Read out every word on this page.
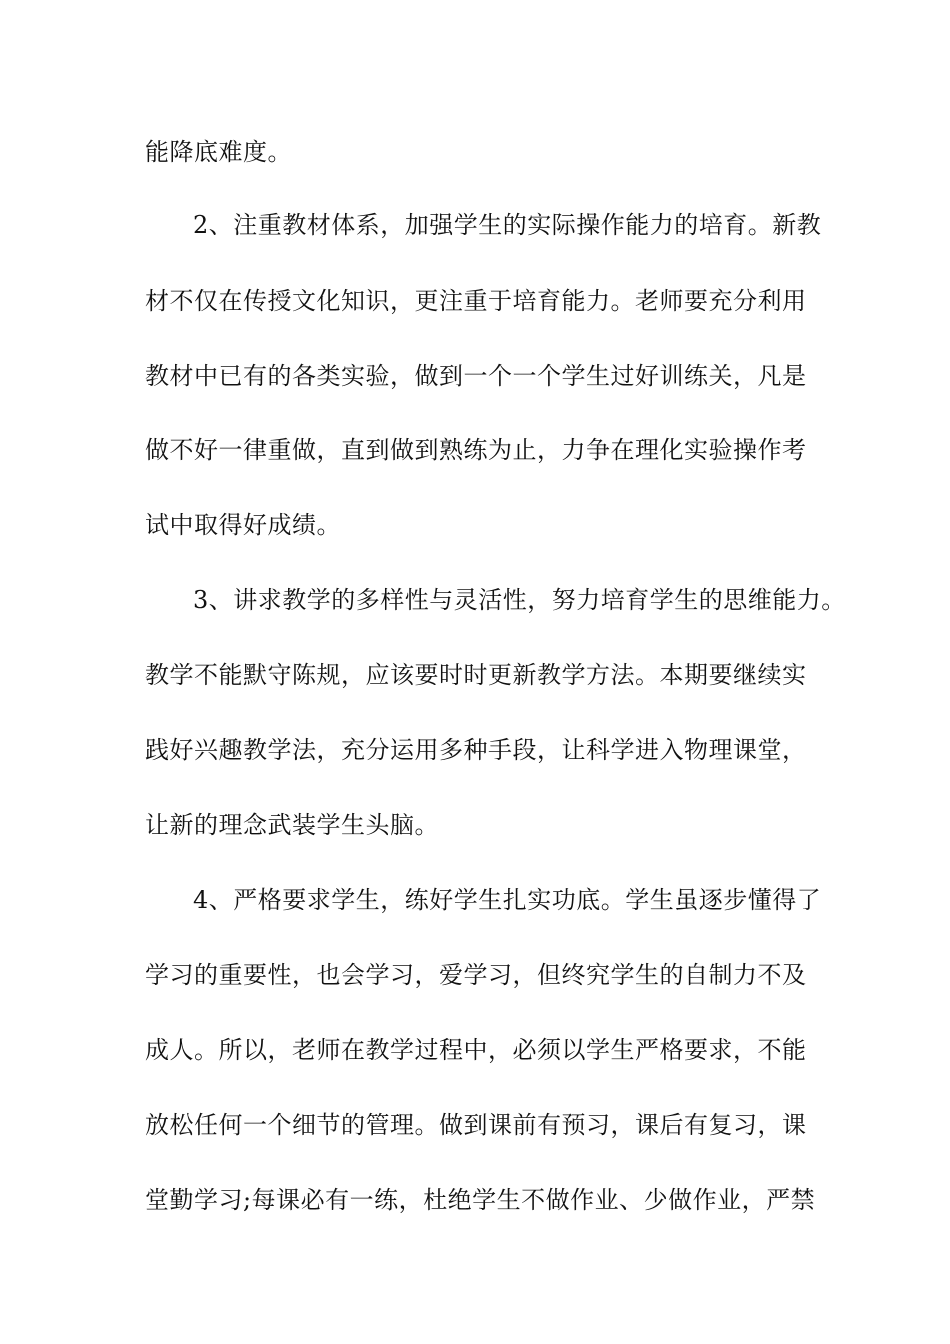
能降底难度。
2、注重教材体系，加强学生的实际操作能力的培育。新教
材不仅在传授文化知识，更注重于培育能力。老师要充分利用
教材中已有的各类实验，做到一个一个学生过好训练关，凡是
做不好一律重做，直到做到熟练为止，力争在理化实验操作考
试中取得好成绩。
3、讲求教学的多样性与灵活性，努力培育学生的思维能力。
教学不能默守陈规，应该要时时更新教学方法。本期要继续实
践好兴趣教学法，充分运用多种手段，让科学进入物理课堂，
让新的理念武装学生头脑。
4、严格要求学生，练好学生扎实功底。学生虽逐步懂得了
学习的重要性，也会学习，爱学习，但终究学生的自制力不及
成人。所以，老师在教学过程中，必须以学生严格要求，不能
放松任何一个细节的管理。做到课前有预习，课后有复习，课
堂勤学习;每课必有一练，杜绝学生不做作业、少做作业，严禁
